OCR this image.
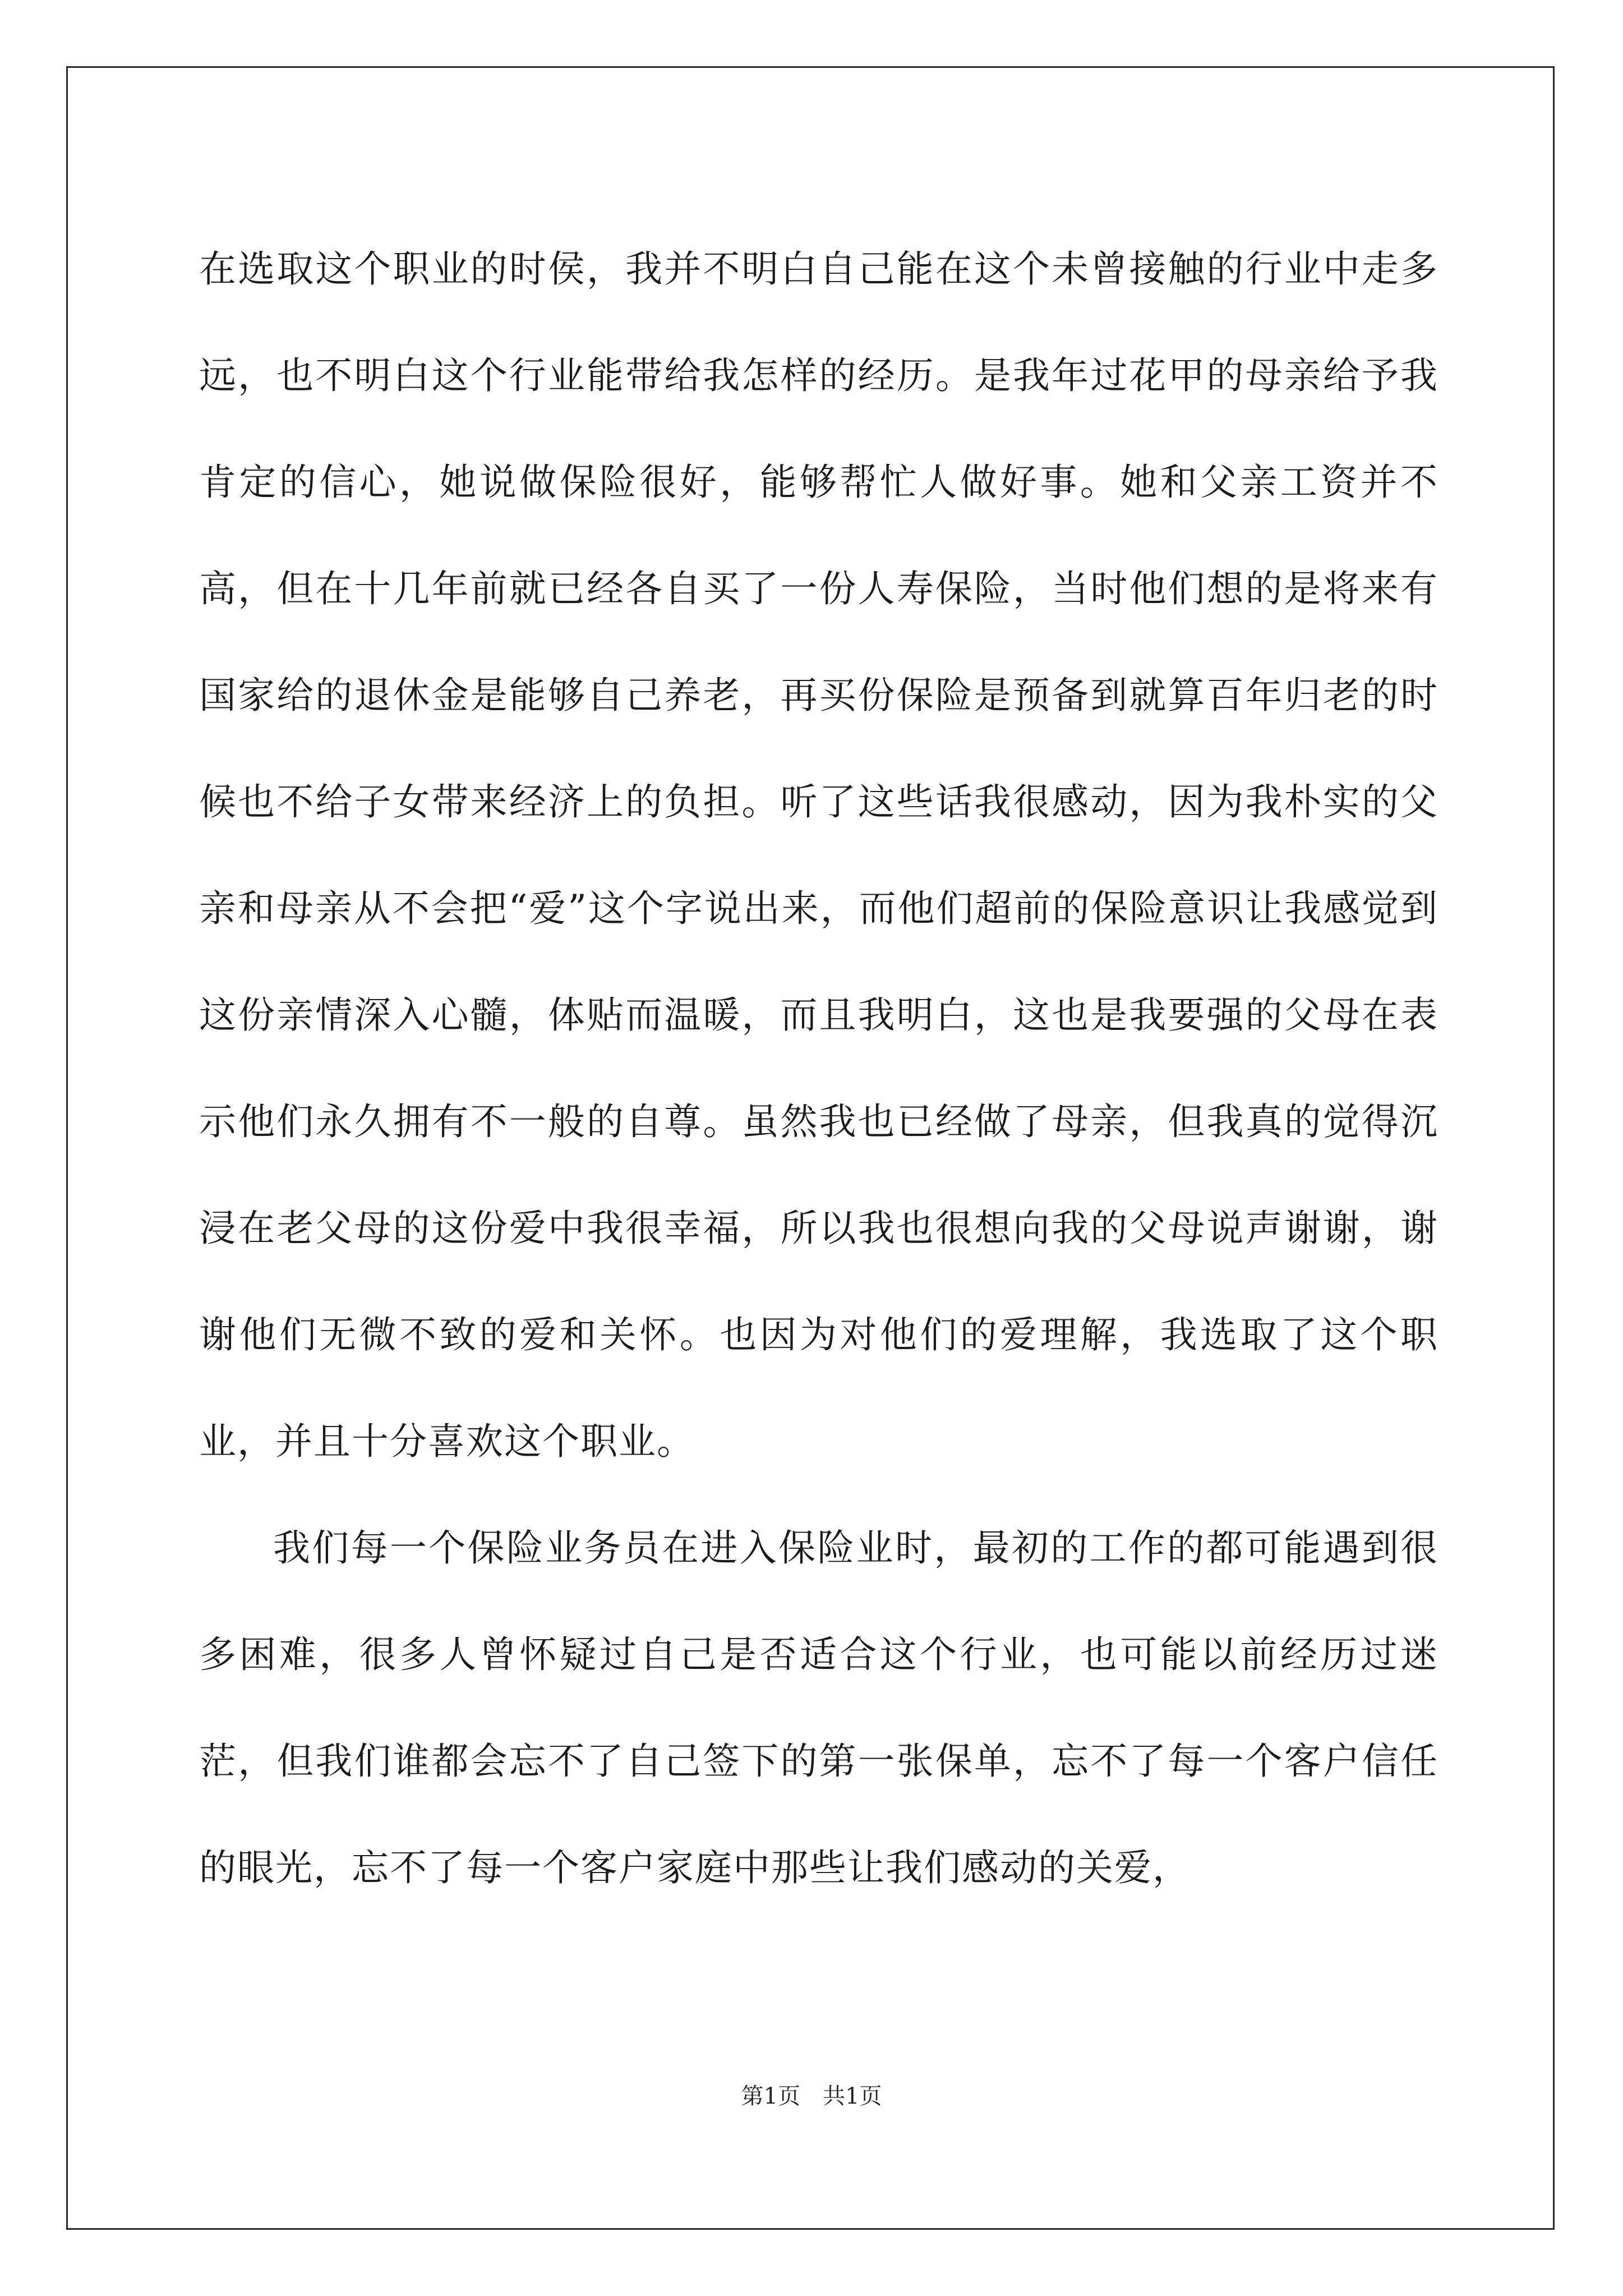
在选取这个职业的时侯，我并不明白自己能在这个未曾接触的行业中走多远，也不明白这个行业能带给我怎样的经历。是我年过花甲的母亲给予我肯定的信心，她说做保险很好，能够帮忙人做好事。她和父亲工资并不高，但在十几年前就已经各自买了一份人寿保险，当时他们想的是将来有国家给的退休金是能够自己养老，再买份保险是预备到就算百年归老的时候也不给子女带来经济上的负担。听了这些话我很感动，因为我朴实的父亲和母亲从不会把“爱”这个字说出来，而他们超前的保险意识让我感觉到这份亲情深入心髓，体贴而温暖，而且我明白，这也是我要强的父母在表示他们永久拥有不一般的自尊。虽然我也已经做了母亲，但我真的觉得沉浸在老父母的这份爱中我很幸福，所以我也很想向我的父母说声谢谢，谢谢他们无微不致的爱和关怀。也因为对他们的爱理解，我选取了这个职业，并且十分喜欢这个职业。

我们每一个保险业务员在进入保险业时，最初的工作的都可能遇到很多困难，很多人曾怀疑过自己是否适合这个行业，也可能以前经历过迷茫，但我们谁都会忘不了自己签下的第一张保单，忘不了每一个客户信任的眼光，忘不了每一个客户家庭中那些让我们感动的关爱，

第1页　共1页
